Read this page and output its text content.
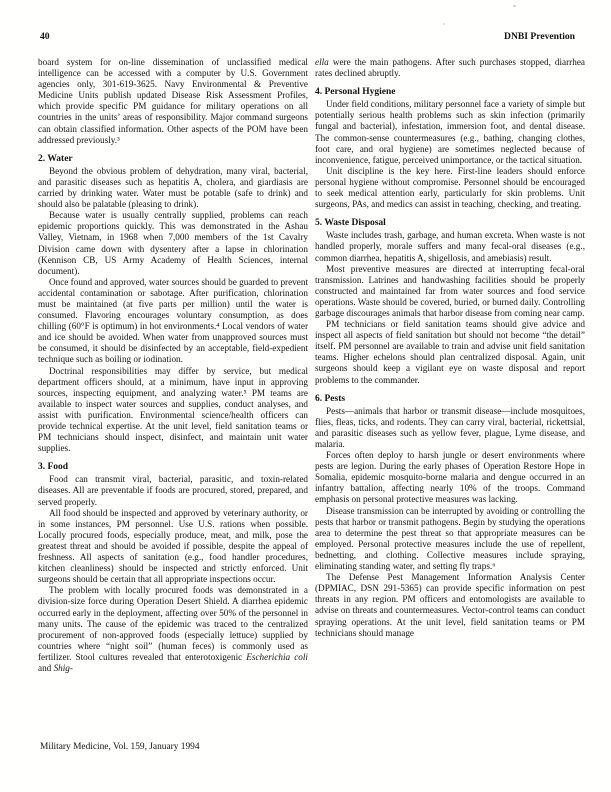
40	DNBI Prevention

board system for on-line dissemination of unclassified medical intelligence can be accessed with a computer by U.S. Government agencies only, 301-619-3625. Navy Environmental & Preventive Medicine Units publish updated Disease Risk Assessment Profiles, which provide specific PM guidance for military operations on all countries in the units’ areas of responsibility. Major command surgeons can obtain classified information. Other aspects of the POM have been addressed previously.³

2. Water

Beyond the obvious problem of dehydration, many viral, bacterial, and parasitic diseases such as hepatitis A, cholera, and giardiasis are carried by drinking water. Water must be potable (safe to drink) and should also be palatable (pleasing to drink).

Because water is usually centrally supplied, problems can reach epidemic proportions quickly. This was demonstrated in the Ashau Valley, Vietnam, in 1968 when 7,000 members of the 1st Cavalry Division came down with dysentery after a lapse in chlorination (Kennison CB, US Army Academy of Health Sciences, internal document).

Once found and approved, water sources should be guarded to prevent accidental contamination or sabotage. After purification, chlorination must be maintained (at five parts per million) until the water is consumed. Flavoring encourages voluntary consumption, as does chilling (60°F is optimum) in hot environments.⁴ Local vendors of water and ice should be avoided. When water from unapproved sources must be consumed, it should be disinfected by an acceptable, field-expedient technique such as boiling or iodination.

Doctrinal responsibilities may differ by service, but medical department officers should, at a minimum, have input in approving sources, inspecting equipment, and analyzing water.⁵ PM teams are available to inspect water sources and supplies, conduct analyses, and assist with purification. Environmental science/health officers can provide technical expertise. At the unit level, field sanitation teams or PM technicians should inspect, disinfect, and maintain unit water supplies.

3. Food

Food can transmit viral, bacterial, parasitic, and toxin-related diseases. All are preventable if foods are procured, stored, prepared, and served properly.

All food should be inspected and approved by veterinary authority, or in some instances, PM personnel. Use U.S. rations when possible. Locally procured foods, especially produce, meat, and milk, pose the greatest threat and should be avoided if possible, despite the appeal of freshness. All aspects of sanitation (e.g., food handler procedures, kitchen cleanliness) should be inspected and strictly enforced. Unit surgeons should be certain that all appropriate inspections occur.

The problem with locally procured foods was demonstrated in a division-size force during Operation Desert Shield. A diarrhea epidemic occurred early in the deployment, affecting over 50% of the personnel in many units. The cause of the epidemic was traced to the centralized procurement of non-approved foods (especially lettuce) supplied by countries where “night soil” (human feces) is commonly used as fertilizer. Stool cultures revealed that enterotoxigenic Escherichia coli and Shig-

ella were the main pathogens. After such purchases stopped, diarrhea rates declined abruptly.

4. Personal Hygiene

Under field conditions, military personnel face a variety of simple but potentially serious health problems such as skin infection (primarily fungal and bacterial), infestation, immersion foot, and dental disease. The common-sense countermeasures (e.g., bathing, changing clothes, foot care, and oral hygiene) are sometimes neglected because of inconvenience, fatigue, perceived unimportance, or the tactical situation.

Unit discipline is the key here. First-line leaders should enforce personal hygiene without compromise. Personnel should be encouraged to seek medical attention early, particularly for skin problems. Unit surgeons, PAs, and medics can assist in teaching, checking, and treating.

5. Waste Disposal

Waste includes trash, garbage, and human excreta. When waste is not handled properly, morale suffers and many fecal-oral diseases (e.g., common diarrhea, hepatitis A, shigellosis, and amebiasis) result.

Most preventive measures are directed at interrupting fecal-oral transmission. Latrines and handwashing facilities should be properly constructed and maintained far from water sources and food service operations. Waste should be covered, buried, or burned daily. Controlling garbage discourages animals that harbor disease from coming near camp.

PM technicians or field sanitation teams should give advice and inspect all aspects of field sanitation but should not become “the detail” itself. PM personnel are available to train and advise unit field sanitation teams. Higher echelons should plan centralized disposal. Again, unit surgeons should keep a vigilant eye on waste disposal and report problems to the commander.

6. Pests

Pests—animals that harbor or transmit disease—include mosquitoes, flies, fleas, ticks, and rodents. They can carry viral, bacterial, rickettsial, and parasitic diseases such as yellow fever, plague, Lyme disease, and malaria.

Forces often deploy to harsh jungle or desert environments where pests are legion. During the early phases of Operation Restore Hope in Somalia, epidemic mosquito-borne malaria and dengue occurred in an infantry battalion, affecting nearly 10% of the troops. Command emphasis on personal protective measures was lacking.

Disease transmission can be interrupted by avoiding or controlling the pests that harbor or transmit pathogens. Begin by studying the operations area to determine the pest threat so that appropriate measures can be employed. Personal protective measures include the use of repellent, bednetting, and clothing. Collective measures include spraying, eliminating standing water, and setting fly traps.⁶

The Defense Pest Management Information Analysis Center (DPMIAC, DSN 291-5365) can provide specific information on pest threats in any region. PM officers and entomologists are available to advise on threats and countermeasures. Vector-control teams can conduct spraying operations. At the unit level, field sanitation teams or PM technicians should manage

Military Medicine, Vol. 159, January 1994
